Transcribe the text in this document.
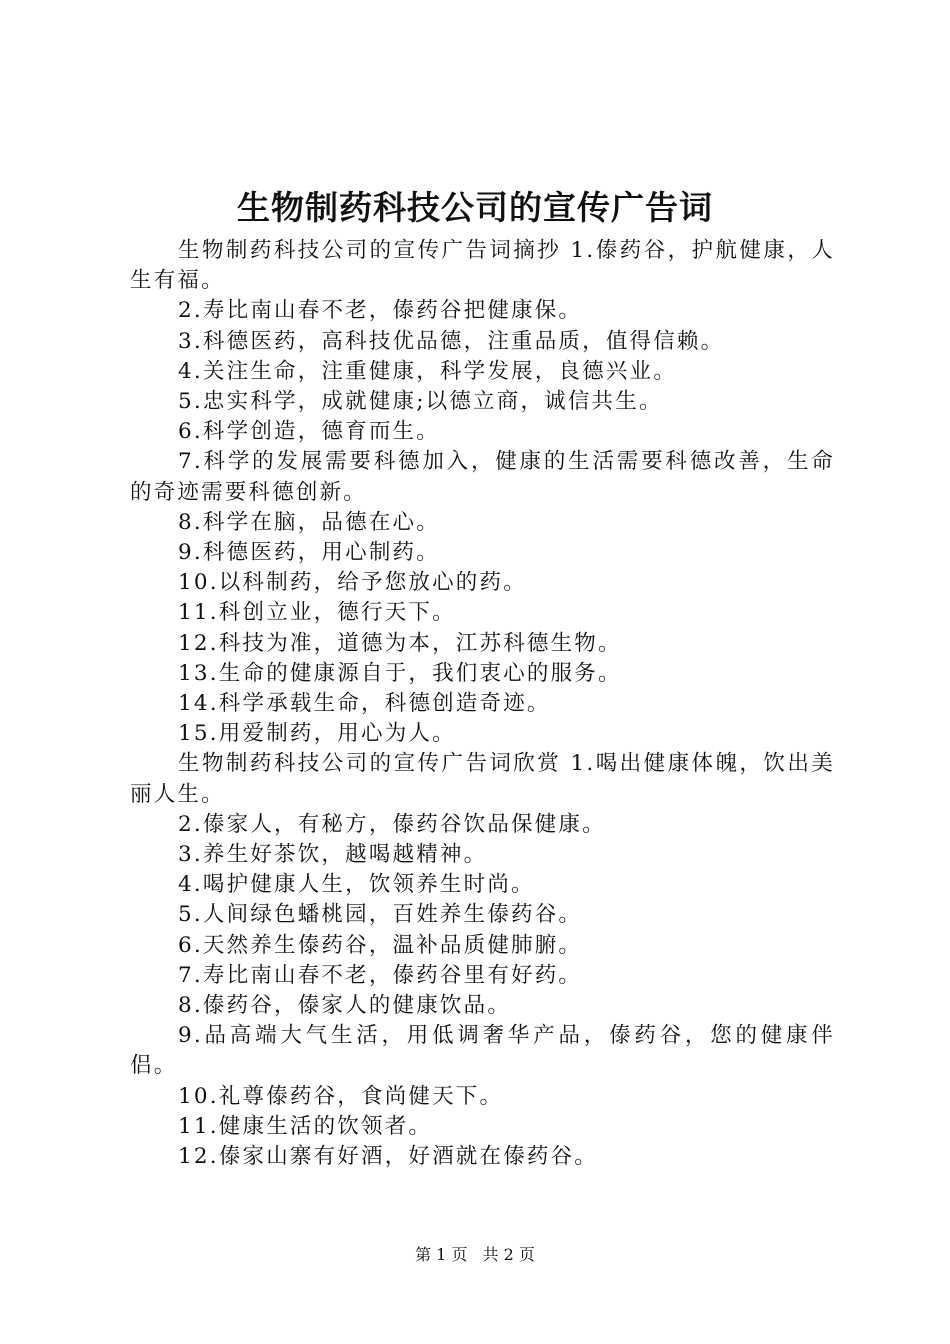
生物制药科技公司的宣传广告词

生物制药科技公司的宣传广告词摘抄 1.傣药谷，护航健康，人生有福。

2.寿比南山春不老，傣药谷把健康保。

3.科德医药，高科技优品德，注重品质，值得信赖。

4.关注生命，注重健康，科学发展，良德兴业。

5.忠实科学，成就健康;以德立商，诚信共生。

6.科学创造，德育而生。

7.科学的发展需要科德加入，健康的生活需要科德改善，生命的奇迹需要科德创新。

8.科学在脑，品德在心。

9.科德医药，用心制药。

10.以科制药，给予您放心的药。

11.科创立业，德行天下。

12.科技为准，道德为本，江苏科德生物。

13.生命的健康源自于，我们衷心的服务。

14.科学承载生命，科德创造奇迹。

15.用爱制药，用心为人。

生物制药科技公司的宣传广告词欣赏 1.喝出健康体魄，饮出美丽人生。

2.傣家人，有秘方，傣药谷饮品保健康。

3.养生好茶饮，越喝越精神。

4.喝护健康人生，饮领养生时尚。

5.人间绿色蟠桃园，百姓养生傣药谷。

6.天然养生傣药谷，温补品质健肺腑。

7.寿比南山春不老，傣药谷里有好药。

8.傣药谷，傣家人的健康饮品。

9.品高端大气生活，用低调奢华产品，傣药谷，您的健康伴侣。

10.礼尊傣药谷，食尚健天下。

11.健康生活的饮领者。

12.傣家山寨有好酒，好酒就在傣药谷。

第 1 页 共 2 页
